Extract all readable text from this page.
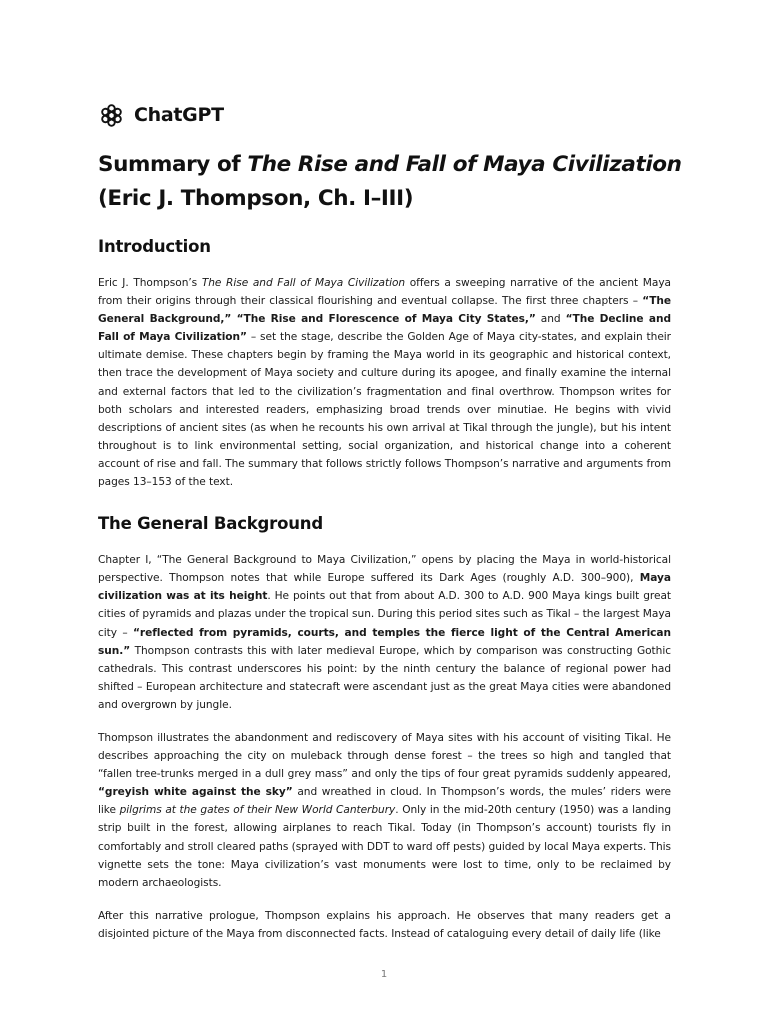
ChatGPT
Summary of The Rise and Fall of Maya Civilization
(Eric J. Thompson, Ch. I–III)
Introduction

Eric J. Thompson’s The Rise and Fall of Maya Civilization offers a sweeping narrative of the ancient Maya from their origins through their classical flourishing and eventual collapse. The first three chapters – “The General Background,” “The Rise and Florescence of Maya City States,” and “The Decline and Fall of Maya Civilization” – set the stage, describe the Golden Age of Maya city-states, and explain their ultimate demise. These chapters begin by framing the Maya world in its geographic and historical context, then trace the development of Maya society and culture during its apogee, and finally examine the internal and external factors that led to the civilization’s fragmentation and final overthrow. Thompson writes for both scholars and interested readers, emphasizing broad trends over minutiae. He begins with vivid descriptions of ancient sites (as when he recounts his own arrival at Tikal through the jungle), but his intent throughout is to link environmental setting, social organization, and historical change into a coherent account of rise and fall. The summary that follows strictly follows Thompson’s narrative and arguments from pages 13–153 of the text.

The General Background

Chapter I, “The General Background to Maya Civilization,” opens by placing the Maya in world-historical perspective. Thompson notes that while Europe suffered its Dark Ages (roughly A.D. 300–900), Maya civilization was at its height. He points out that from about A.D. 300 to A.D. 900 Maya kings built great cities of pyramids and plazas under the tropical sun. During this period sites such as Tikal – the largest Maya city – “reflected from pyramids, courts, and temples the fierce light of the Central American sun.” Thompson contrasts this with later medieval Europe, which by comparison was constructing Gothic cathedrals. This contrast underscores his point: by the ninth century the balance of regional power had shifted – European architecture and statecraft were ascendant just as the great Maya cities were abandoned and overgrown by jungle.

Thompson illustrates the abandonment and rediscovery of Maya sites with his account of visiting Tikal. He describes approaching the city on muleback through dense forest – the trees so high and tangled that “fallen tree-trunks merged in a dull grey mass” and only the tips of four great pyramids suddenly appeared, “greyish white against the sky” and wreathed in cloud. In Thompson’s words, the mules’ riders were like pilgrims at the gates of their New World Canterbury. Only in the mid-20th century (1950) was a landing strip built in the forest, allowing airplanes to reach Tikal. Today (in Thompson’s account) tourists fly in comfortably and stroll cleared paths (sprayed with DDT to ward off pests) guided by local Maya experts. This vignette sets the tone: Maya civilization’s vast monuments were lost to time, only to be reclaimed by modern archaeologists.

After this narrative prologue, Thompson explains his approach. He observes that many readers get a disjointed picture of the Maya from disconnected facts. Instead of cataloguing every detail of daily life (like

1
